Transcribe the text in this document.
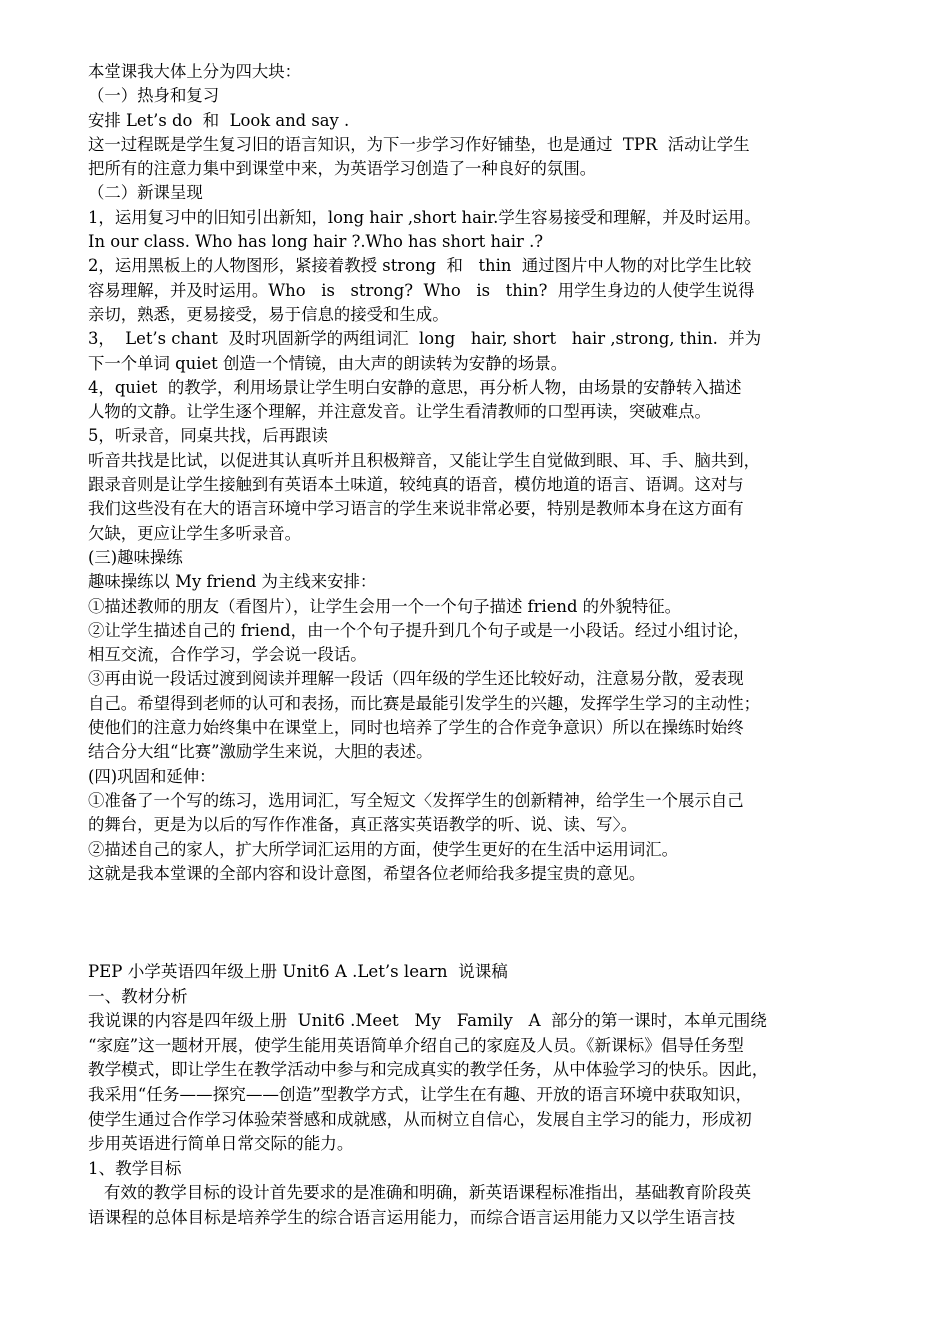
本堂课我大体上分为四大块：
（一）热身和复习
安排 Let’s do  和  Look and say .
这一过程既是学生复习旧的语言知识，为下一步学习作好铺垫，也是通过  TPR  活动让学生
把所有的注意力集中到课堂中来，为英语学习创造了一种良好的氛围。
（二）新课呈现
1，运用复习中的旧知引出新知，long hair ,short hair.学生容易接受和理解，并及时运用。
In our class. Who has long hair ?.Who has short hair .?
2，运用黑板上的人物图形，紧接着教授 strong  和   thin  通过图片中人物的对比学生比较
容易理解，并及时运用。Who   is   strong?  Who   is   thin?  用学生身边的人使学生说得
亲切，熟悉，更易接受，易于信息的接受和生成。
3，  Let’s chant  及时巩固新学的两组词汇  long   hair, short   hair ,strong, thin.  并为
下一个单词 quiet 创造一个情镜，由大声的朗读转为安静的场景。
4，quiet  的教学，利用场景让学生明白安静的意思，再分析人物，由场景的安静转入描述
人物的文静。让学生逐个理解，并注意发音。让学生看清教师的口型再读，突破难点。
5，听录音，同桌共找，后再跟读
听音共找是比试，以促进其认真听并且积极辩音，又能让学生自觉做到眼、耳、手、脑共到，
跟录音则是让学生接触到有英语本土味道，较纯真的语音，模仿地道的语言、语调。这对与
我们这些没有在大的语言环境中学习语言的学生来说非常必要，特别是教师本身在这方面有
欠缺，更应让学生多听录音。
(三)趣味操练
趣味操练以 My friend 为主线来安排：
①描述教师的朋友（看图片），让学生会用一个一个句子描述 friend 的外貌特征。
②让学生描述自己的 friend，由一个个句子提升到几个句子或是一小段话。经过小组讨论，
相互交流，合作学习，学会说一段话。
③再由说一段话过渡到阅读并理解一段话（四年级的学生还比较好动，注意易分散，爱表现
自己。希望得到老师的认可和表扬，而比赛是最能引发学生的兴趣，发挥学生学习的主动性；
使他们的注意力始终集中在课堂上，同时也培养了学生的合作竞争意识）所以在操练时始终
结合分大组“比赛”激励学生来说，大胆的表述。
(四)巩固和延伸：
①准备了一个写的练习，选用词汇，写全短文〈发挥学生的创新精神，给学生一个展示自己
的舞台，更是为以后的写作作准备，真正落实英语教学的听、说、读、写〉。
②描述自己的家人，扩大所学词汇运用的方面，使学生更好的在生活中运用词汇。
这就是我本堂课的全部内容和设计意图，希望各位老师给我多提宝贵的意见。
PEP 小学英语四年级上册 Unit6 A .Let’s learn  说课稿
一、教材分析
我说课的内容是四年级上册  Unit6 .Meet   My   Family   A  部分的第一课时，本单元围绕
“家庭”这一题材开展，使学生能用英语简单介绍自己的家庭及人员。《新课标》倡导任务型
教学模式，即让学生在教学活动中参与和完成真实的教学任务，从中体验学习的快乐。因此，
我采用“任务——探究——创造”型教学方式，让学生在有趣、开放的语言环境中获取知识，
使学生通过合作学习体验荣誉感和成就感，从而树立自信心，发展自主学习的能力，形成初
步用英语进行简单日常交际的能力。
1、教学目标
有效的教学目标的设计首先要求的是准确和明确，新英语课程标准指出，基础教育阶段英
语课程的总体目标是培养学生的综合语言运用能力，而综合语言运用能力又以学生语言技
